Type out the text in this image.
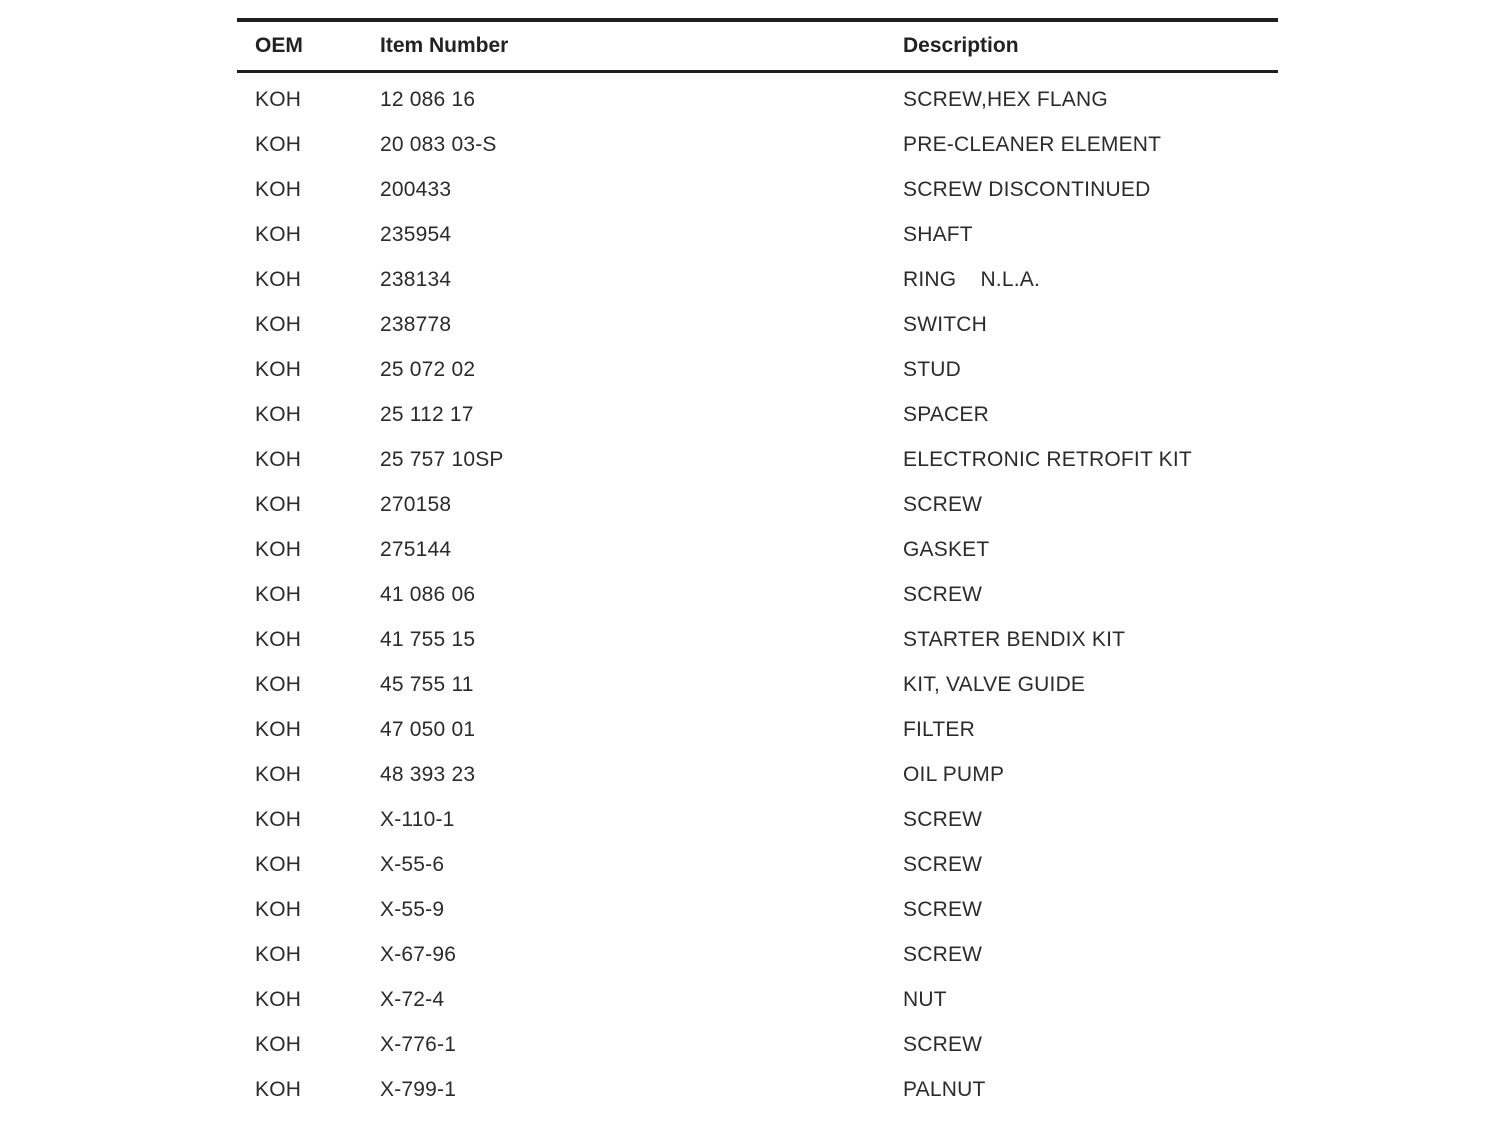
OEM	Item Number	Description
KOH	12 086 16	SCREW,HEX FLANG
KOH	20 083 03-S	PRE-CLEANER ELEMENT
KOH	200433	SCREW DISCONTINUED
KOH	235954	SHAFT
KOH	238134	RING    N.L.A.
KOH	238778	SWITCH
KOH	25 072 02	STUD
KOH	25 112 17	SPACER
KOH	25 757 10SP	ELECTRONIC RETROFIT KIT
KOH	270158	SCREW
KOH	275144	GASKET
KOH	41 086 06	SCREW
KOH	41 755 15	STARTER BENDIX KIT
KOH	45 755 11	KIT, VALVE GUIDE
KOH	47 050 01	FILTER
KOH	48 393 23	OIL PUMP
KOH	X-110-1	SCREW
KOH	X-55-6	SCREW
KOH	X-55-9	SCREW
KOH	X-67-96	SCREW
KOH	X-72-4	NUT
KOH	X-776-1	SCREW
KOH	X-799-1	PALNUT
